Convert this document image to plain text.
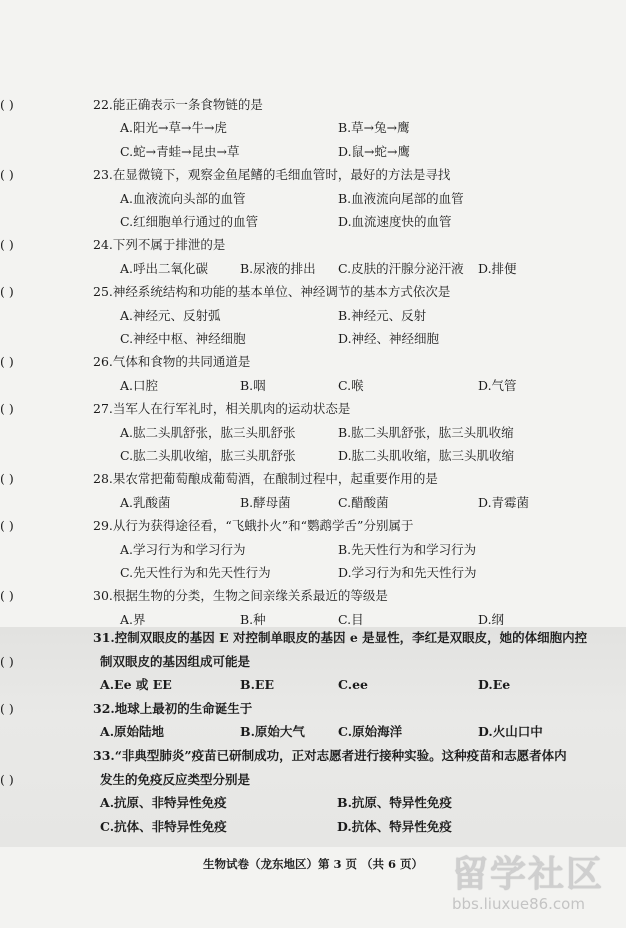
22.能正确表示一条食物链的是
( )
A.阳光→草→牛→虎	B.草→兔→鹰
C.蛇→青蛙→昆虫→草	D.鼠→蛇→鹰
23.在显微镜下，观察金鱼尾鳍的毛细血管时，最好的方法是寻找
( )
A.血液流向头部的血管	B.血液流向尾部的血管
C.红细胞单行通过的血管	D.血流速度快的血管
24.下列不属于排泄的是
( )
A.呼出二氧化碳	B.尿液的排出 C.皮肤的汗腺分泌汗液 D.排便
25.神经系统结构和功能的基本单位、神经调节的基本方式依次是
( )
A.神经元、反射弧	B.神经元、反射
C.神经中枢、神经细胞	D.神经、神经细胞
26.气体和食物的共同通道是
( )
A.口腔	B.咽	C.喉	D.气管
27.当军人在行军礼时，相关肌肉的运动状态是
( )
A.肱二头肌舒张，肱三头肌舒张	B.肱二头肌舒张，肱三头肌收缩
C.肱二头肌收缩，肱三头肌舒张	D.肱二头肌收缩，肱三头肌收缩
28.果农常把葡萄酿成葡萄酒，在酿制过程中，起重要作用的是
( )
A.乳酸菌	B.酵母菌	C.醋酸菌	D.青霉菌
29.从行为获得途径看，“飞蛾扑火”和“鹦鹉学舌”分别属于
( )
A.学习行为和学习行为	B.先天性行为和学习行为
C.先天性行为和先天性行为	D.学习行为和先天性行为
30.根据生物的分类，生物之间亲缘关系最近的等级是
( )
A.界	B.种	C.目	D.纲
31.控制双眼皮的基因 E 对控制单眼皮的基因 e 是显性，李红是双眼皮，她的体细胞内控
制双眼皮的基因组成可能是
( )
A.Ee 或 EE	B.EE	C.ee	D.Ee
32.地球上最初的生命诞生于
( )
A.原始陆地	B.原始大气	C.原始海洋	D.火山口中
33.“非典型肺炎”疫苗已研制成功，正对志愿者进行接种实验。这种疫苗和志愿者体内
发生的免疫反应类型分别是
( )
A.抗原、非特异性免疫	B.抗原、特异性免疫
C.抗体、非特异性免疫	D.抗体、特异性免疫
生物试卷（龙东地区）第 3 页 （共 6 页） 留学社区
bbs.liuxue86.com
